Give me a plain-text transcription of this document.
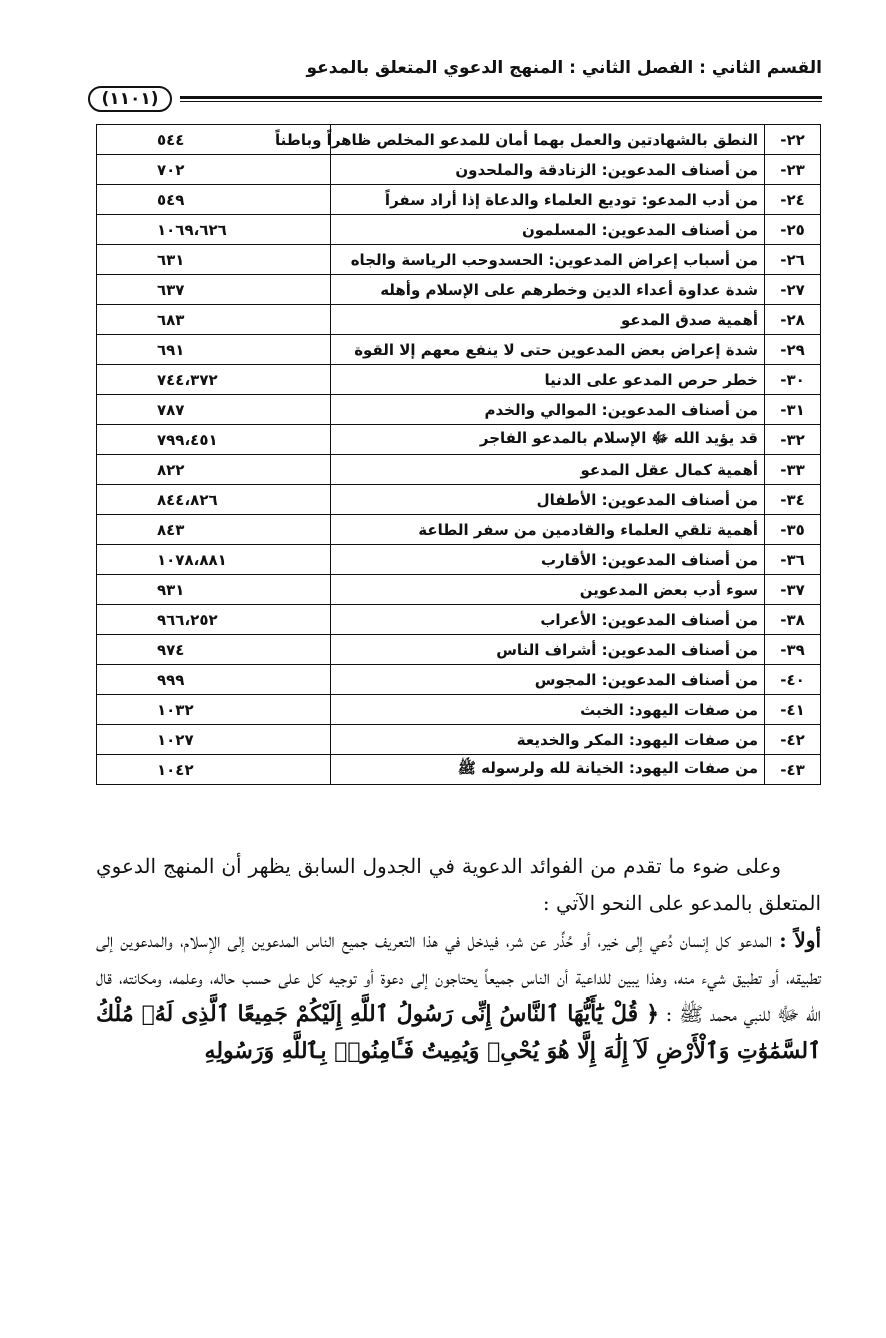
القسم الثاني : الفصل الثاني : المنهج الدعوي المتعلق بالمدعو
(١١٠١)
٢٢-	النطق بالشهادتين والعمل بهما أمان للمدعو المخلص ظاهراً وباطناً	٥٤٤
٢٣-	من أصناف المدعوين: الزنادقة والملحدون	٧٠٢
٢٤-	من أدب المدعو: توديع العلماء والدعاة إذا أراد سفراً	٥٤٩
٢٥-	من أصناف المدعوين: المسلمون	١٠٦٩،٦٢٦
٢٦-	من أسباب إعراض المدعوين: الحسدوحب الرياسة والجاه	٦٣١
٢٧-	شدة عداوة أعداء الدين وخطرهم على الإسلام وأهله	٦٣٧
٢٨-	أهمية صدق المدعو	٦٨٣
٢٩-	شدة إعراض بعض المدعوين حتى لا ينفع معهم إلا القوة	٦٩١
٣٠-	خطر حرص المدعو على الدنيا	٧٤٤،٣٧٢
٣١-	من أصناف المدعوين: الموالي والخدم	٧٨٧
٣٢-	قد يؤيد الله ﷻ الإسلام بالمدعو الفاجر	٧٩٩،٤٥١
٣٣-	أهمية كمال عقل المدعو	٨٢٢
٣٤-	من أصناف المدعوين: الأطفال	٨٤٤،٨٢٦
٣٥-	أهمية تلقي العلماء والقادمين من سفر الطاعة	٨٤٣
٣٦-	من أصناف المدعوين: الأقارب	١٠٧٨،٨٨١
٣٧-	سوء أدب بعض المدعوين	٩٣١
٣٨-	من أصناف المدعوين: الأعراب	٩٦٦،٢٥٢
٣٩-	من أصناف المدعوين: أشراف الناس	٩٧٤
٤٠-	من أصناف المدعوين: المجوس	٩٩٩
٤١-	من صفات اليهود: الخبث	١٠٣٢
٤٢-	من صفات اليهود: المكر والخديعة	١٠٢٧
٤٣-	من صفات اليهود: الخيانة لله ولرسوله ﷺ	١٠٤٢

وعلى ضوء ما تقدم من الفوائد الدعوية في الجدول السابق يظهر أن المنهج الدعوي المتعلق بالمدعو على النحو الآتي :

أولاً : المدعو كل إنسان دُعي إلى خير، أو حُذِّر عن شر، فيدخل في هذا التعريف جميع الناس المدعوين إلى الإسلام، والمدعوين إلى تطبيقه، أو تطبيق شيء منه، وهذا يبين للداعية أن الناس جميعاً يحتاجون إلى دعوة أو توجيه كل على حسب حاله، وعلمه، ومكانته، قال الله ﷻ للنبي محمد ﷺ : ﴿ قُلْ يَٰٓأَيُّهَا ٱلنَّاسُ إِنِّى رَسُولُ ٱللَّهِ إِلَيْكُمْ جَمِيعًا ٱلَّذِى لَهُۥ مُلْكُ ٱلسَّمَٰوَٰتِ وَٱلْأَرْضِ لَآ إِلَٰهَ إِلَّا هُوَ يُحْىِۦ وَيُمِيتُ فَـَٔامِنُوا۟ بِٱللَّهِ وَرَسُولِهِ
